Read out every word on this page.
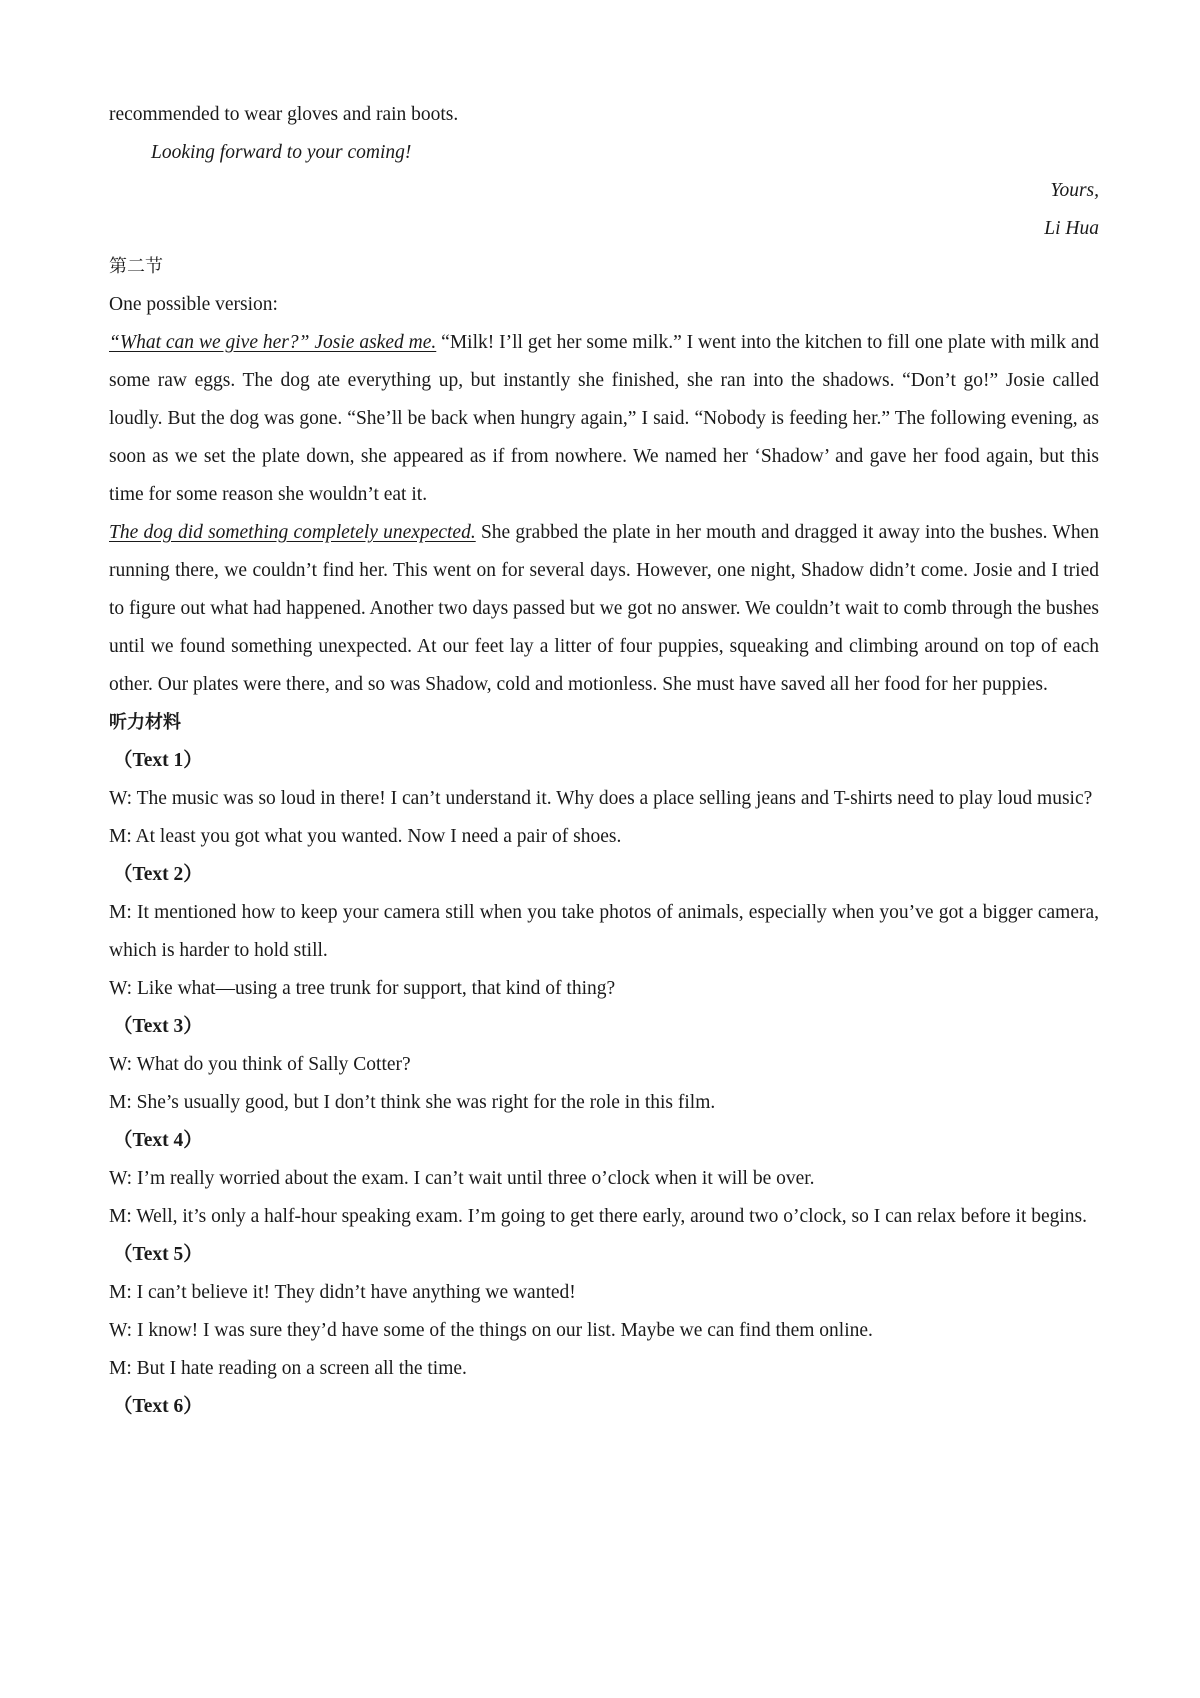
recommended to wear gloves and rain boots.

Looking forward to your coming!

Yours,

Li Hua

第二节

One possible version:

“What can we give her?” Josie asked me. “Milk! I’ll get her some milk.” I went into the kitchen to fill one plate with milk and some raw eggs. The dog ate everything up, but instantly she finished, she ran into the shadows. “Don’t go!” Josie called loudly. But the dog was gone. “She’ll be back when hungry again,” I said. “Nobody is feeding her.” The following evening, as soon as we set the plate down, she appeared as if from nowhere. We named her ‘Shadow’ and gave her food again, but this time for some reason she wouldn’t eat it.

The dog did something completely unexpected. She grabbed the plate in her mouth and dragged it away into the bushes. When running there, we couldn’t find her. This went on for several days. However, one night, Shadow didn’t come. Josie and I tried to figure out what had happened. Another two days passed but we got no answer. We couldn’t wait to comb through the bushes until we found something unexpected. At our feet lay a litter of four puppies, squeaking and climbing around on top of each other. Our plates were there, and so was Shadow, cold and motionless. She must have saved all her food for her puppies.

听力材料

（Text 1）

W: The music was so loud in there! I can’t understand it. Why does a place selling jeans and T-shirts need to play loud music?

M: At least you got what you wanted. Now I need a pair of shoes.

（Text 2）

M: It mentioned how to keep your camera still when you take photos of animals, especially when you’ve got a bigger camera, which is harder to hold still.

W: Like what—using a tree trunk for support, that kind of thing?

（Text 3）

W: What do you think of Sally Cotter?

M: She’s usually good, but I don’t think she was right for the role in this film.

（Text 4）

W: I’m really worried about the exam. I can’t wait until three o’clock when it will be over.

M: Well, it’s only a half-hour speaking exam. I’m going to get there early, around two o’clock, so I can relax before it begins.

（Text 5）

M: I can’t believe it! They didn’t have anything we wanted!

W: I know! I was sure they’d have some of the things on our list. Maybe we can find them online.

M: But I hate reading on a screen all the time.

（Text 6）
